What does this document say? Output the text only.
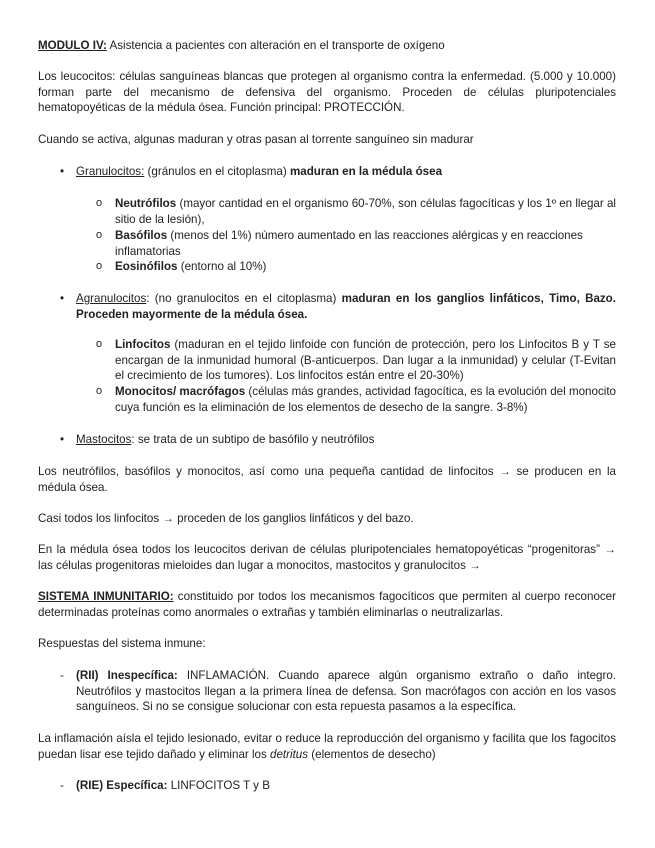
MODULO IV: Asistencia a pacientes con alteración en el transporte de oxígeno

Los leucocitos: células sanguíneas blancas que protegen al organismo contra la enfermedad. (5.000 y 10.000) forman parte del mecanismo de defensiva del organismo. Proceden de células pluripotenciales hematopoyéticas de la médula ósea. Función principal: PROTECCIÓN.

Cuando se activa, algunas maduran y otras pasan al torrente sanguíneo sin madurar

• Granulocitos: (gránulos en el citoplasma) maduran en la médula ósea

o Neutrófilos (mayor cantidad en el organismo 60-70%, son células fagocíticas y los 1º en llegar al sitio de la lesión),

o Basófilos (menos del 1%) número aumentado en las reacciones alérgicas y en reacciones inflamatorias

o Eosinófilos (entorno al 10%)

• Agranulocitos: (no granulocitos en el citoplasma) maduran en los ganglios linfáticos, Timo, Bazo. Proceden mayormente de la médula ósea.

o Linfocitos (maduran en el tejido linfoide con función de protección, pero los Linfocitos B y T se encargan de la inmunidad humoral (B-anticuerpos. Dan lugar a la inmunidad) y celular (T-Evitan el crecimiento de los tumores). Los linfocitos están entre el 20-30%)

o Monocitos/ macrófagos (células más grandes, actividad fagocítica, es la evolución del monocito cuya función es la eliminación de los elementos de desecho de la sangre. 3-8%)

• Mastocitos: se trata de un subtipo de basófilo y neutrófilos

Los neutrófilos, basófilos y monocitos, así como una pequeña cantidad de linfocitos → se producen en la médula ósea.

Casi todos los linfocitos → proceden de los ganglios linfáticos y del bazo.

En la médula ósea todos los leucocitos derivan de células pluripotenciales hematopoyéticas “progenitoras” → las células progenitoras mieloides dan lugar a monocitos, mastocitos y granulocitos →

SISTEMA INMUNITARIO: constituido por todos los mecanismos fagocíticos que permiten al cuerpo reconocer determinadas proteínas como anormales o extrañas y también eliminarlas o neutralizarlas.

Respuestas del sistema inmune:

- (RII) Inespecífica: INFLAMACIÓN. Cuando aparece algún organismo extraño o daño integro. Neutrófilos y mastocitos llegan a la primera línea de defensa. Son macrófagos con acción en los vasos sanguíneos. Si no se consigue solucionar con esta repuesta pasamos a la específica.

La inflamación aísla el tejido lesionado, evitar o reduce la reproducción del organismo y facilita que los fagocitos puedan lisar ese tejido dañado y eliminar los detritus (elementos de desecho)

- (RIE) Específica: LINFOCITOS T y B
